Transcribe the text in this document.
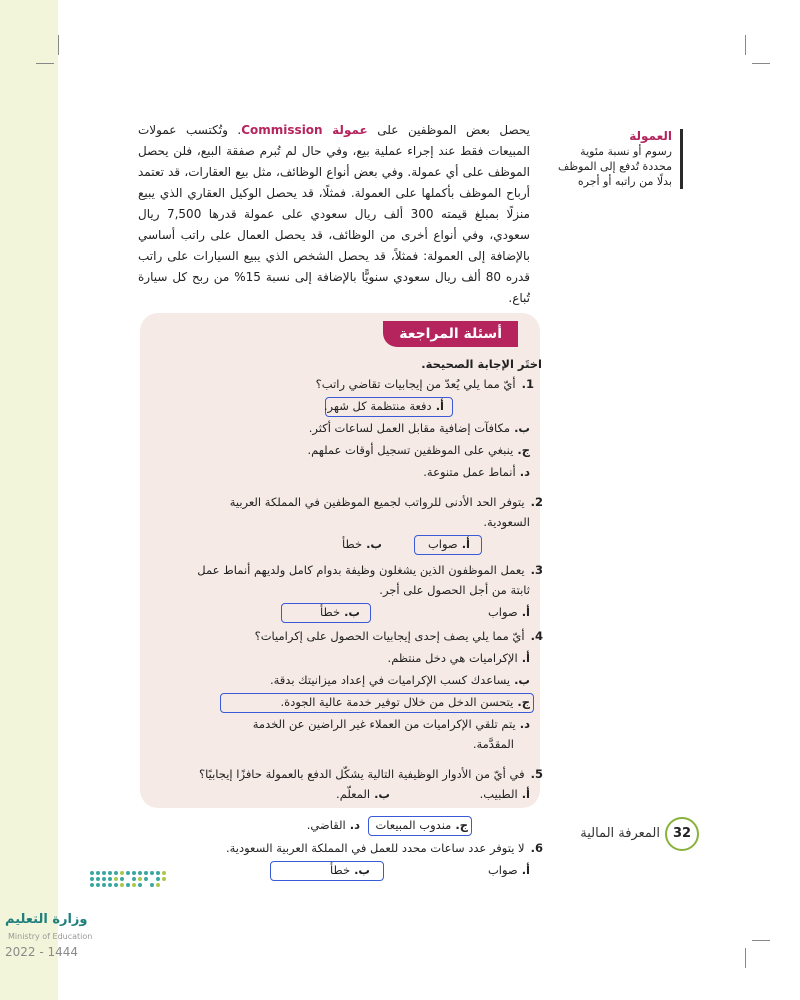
العمولة
رسوم أو نسبة مئوية محددة تُدفع إلى الموظف بدلًا من راتبه أو أجره
يحصل بعض الموظفين على عمولة Commission. وتُكتسب عمولات المبيعات فقط عند إجراء عملية بيع، وفي حال لم تُبرم صفقة البيع، فلن يحصل الموظف على أي عمولة. وفي بعض أنواع الوظائف، مثل بيع العقارات، قد تعتمد أرباح الموظف بأكملها على العمولة. فمثلًا، قد يحصل الوكيل العقاري الذي يبيع منزلًا بمبلغ قيمته 300 ألف ريال سعودي على عمولة قدرها 7,500 ريال سعودي، وفي أنواع أخرى من الوظائف، قد يحصل العمال على راتب أساسي بالإضافة إلى العمولة: فمثلاً، قد يحصل الشخص الذي يبيع السيارات على راتب قدره 80 ألف ريال سعودي سنويًّا بالإضافة إلى نسبة 15% من ربح كل سيارة تُباع.
أسئلة المراجعة
اختَر الإجابة الصحيحة.
1.أيّ مما يلي يُعدّ من إيجابيات تقاضي راتب؟
أ.دفعة منتظمة كل شهر.
ب.مكافآت إضافية مقابل العمل لساعات أكثر.
ج.ينبغي على الموظفين تسجيل أوقات عملهم.
د.أنماط عمل متنوعة.
2.يتوفر الحد الأدنى للرواتب لجميع الموظفين في المملكة العربية
السعودية.
أ.صواب
ب.خطأ
3.يعمل الموظفون الذين يشغلون وظيفة بدوام كامل ولديهم أنماط عمل
ثابتة من أجل الحصول على أجر.
أ.صواب
ب.خطأ
4.أيّ مما يلي يصف إحدى إيجابيات الحصول على إكراميات؟
أ.الإكراميات هي دخل منتظم.
ب.يساعدك كسب الإكراميات في إعداد ميزانيتك بدقة.
ج.يتحسن الدخل من خلال توفير خدمة عالية الجودة.
د.يتم تلقي الإكراميات من العملاء غير الراضين عن الخدمة
المقدَّمة.
5.في أيّ من الأدوار الوظيفية التالية يشكّل الدفع بالعمولة حافزًا إيجابيًا؟
أ.الطبيب.
ب.المعلّم.
ج.مندوب المبيعات
د.القاضي.
6.لا يتوفر عدد ساعات محدد للعمل في المملكة العربية السعودية.
أ.صواب
ب.خطأ
المعرفة المالية 32
وزارة التعليم
Ministry of Education
2022 - 1444
